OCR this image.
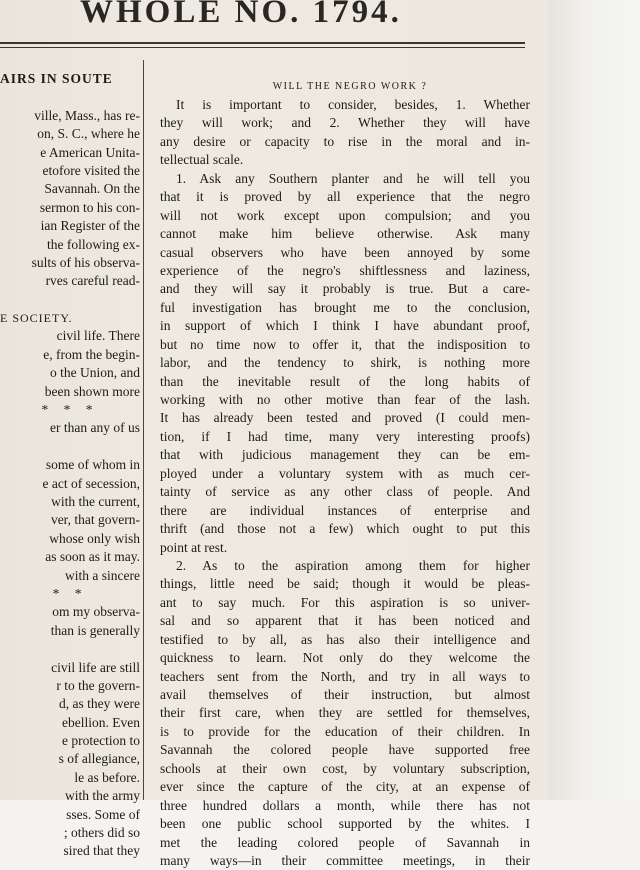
WHOLE NO. 1794.
AIRS IN SOUTE
ville, Mass., has re-
on, S. C., where he
e American Unita-
etofore visited the
Savannah. On the
sermon to his con-
ian Register of the
the following ex-
sults of his observa-
rves careful read-
E SOCIETY.
civil life. There
e, from the begin-
o the Union, and
been shown more
* * *
er than any of us
some of whom in
e act of secession,
with the current,
ver, that govern-
whose only wish
as soon as it may.
with a sincere
* *
om my observa-
than is generally
civil life are still
r to the govern-
d, as they were
ebellion. Even
e protection to
s of allegiance,
le as before.
with the army
sses. Some of
; others did so
sired that they
WILL THE NEGRO WORK ?
It is important to consider, besides, 1. Whether
they will work; and 2. Whether they will have
any desire or capacity to rise in the moral and in-
tellectual scale.
1. Ask any Southern planter and he will tell you
that it is proved by all experience that the negro
will not work except upon compulsion; and you
cannot make him believe otherwise. Ask many
casual observers who have been annoyed by some
experience of the negro's shiftlessness and laziness,
and they will say it probably is true. But a care-
ful investigation has brought me to the conclusion,
in support of which I think I have abundant proof,
but no time now to offer it, that the indisposition to
labor, and the tendency to shirk, is nothing more
than the inevitable result of the long habits of
working with no other motive than fear of the lash.
It has already been tested and proved (I could men-
tion, if I had time, many very interesting proofs)
that with judicious management they can be em-
ployed under a voluntary system with as much cer-
tainty of service as any other class of people. And
there are individual instances of enterprise and
thrift (and those not a few) which ought to put this
point at rest.
2. As to the aspiration among them for higher
things, little need be said; though it would be pleas-
ant to say much. For this aspiration is so univer-
sal and so apparent that it has been noticed and
testified to by all, as has also their intelligence and
quickness to learn. Not only do they welcome the
teachers sent from the North, and try in all ways to
avail themselves of their instruction, but almost
their first care, when they are settled for themselves,
is to provide for the education of their children. In
Savannah the colored people have supported free
schools at their own cost, by voluntary subscription,
ever since the capture of the city, at an expense of
three hundred dollars a month, while there has not
been one public school supported by the whites. I
met the leading colored people of Savannah in
many ways—in their committee meetings, in their
